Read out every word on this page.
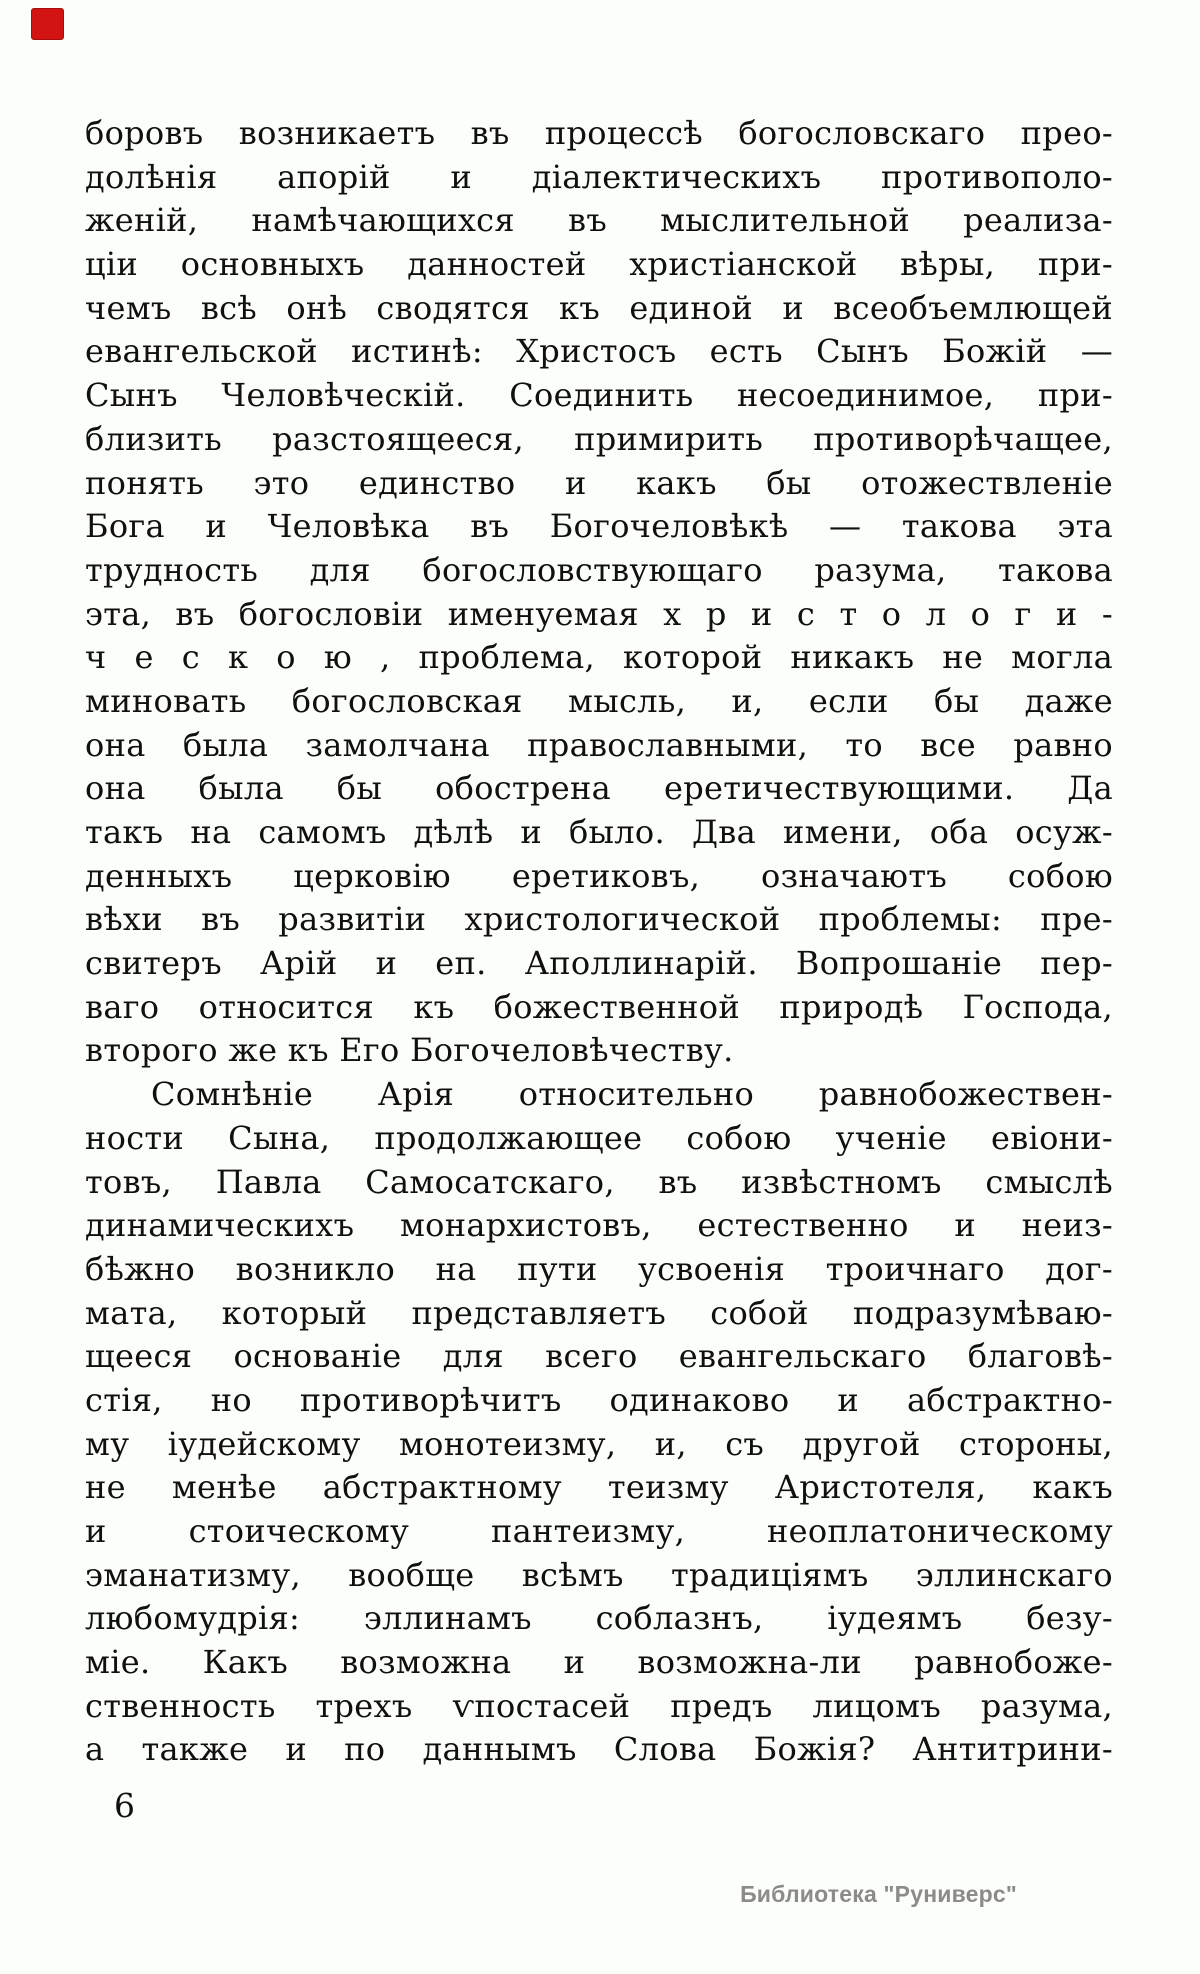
боровъ возникаетъ въ процессѣ богословскаго прео-
долѣнія апорій и діалектическихъ противополо-
женій, намѣчающихся въ мыслительной реализа-
ціи основныхъ данностей христіанской вѣры, при-
чемъ всѣ онѣ сводятся къ единой и всеобъемлющей
евангельской истинѣ: Христосъ есть Сынъ Божій —
Сынъ Человѣческій. Соединить несоединимое, при-
близить разстоящееся, примирить противорѣчащее,
понять это единство и какъ бы отожествленіе
Бога и Человѣка въ Богочеловѣкѣ — такова эта
трудность для богословствующаго разума, такова
эта, въ богословіи именуемая х р и с т о л о г и -
ч е с к о ю , проблема, которой никакъ не могла
миновать богословская мысль, и, если бы даже
она была замолчана православными, то все равно
она была бы обострена еретичествующими. Да
такъ на самомъ дѣлѣ и было. Два имени, оба осуж-
денныхъ церковію еретиковъ, означаютъ собою
вѣхи въ развитіи христологической проблемы: пре-
свитеръ Арій и еп. Аполлинарій. Вопрошаніе пер-
ваго относится къ божественной природѣ Господа,
второго же къ Его Богочеловѣчеству.
Сомнѣніе Арія относительно равнобожествен-
ности Сына, продолжающее собою ученіе евіони-
товъ, Павла Самосатскаго, въ извѣстномъ смыслѣ
динамическихъ монархистовъ, естественно и неиз-
бѣжно возникло на пути усвоенія троичнаго дог-
мата, который представляетъ собой подразумѣваю-
щееся основаніе для всего евангельскаго благовѣ-
стія, но противорѣчитъ одинаково и абстрактно-
му іудейскому монотеизму, и, съ другой стороны,
не менѣе абстрактному теизму Аристотеля, какъ
и стоическому пантеизму, неоплатоническому
эманатизму, вообще всѣмъ традиціямъ эллинскаго
любомудрія: эллинамъ соблазнъ, іудеямъ безу-
міе. Какъ возможна и возможна-ли равнобоже-
ственность трехъ ѵпостасей предъ лицомъ разума,
а также и по даннымъ Слова Божія? Антитрини-
6
Библиотека "Руниверс"
